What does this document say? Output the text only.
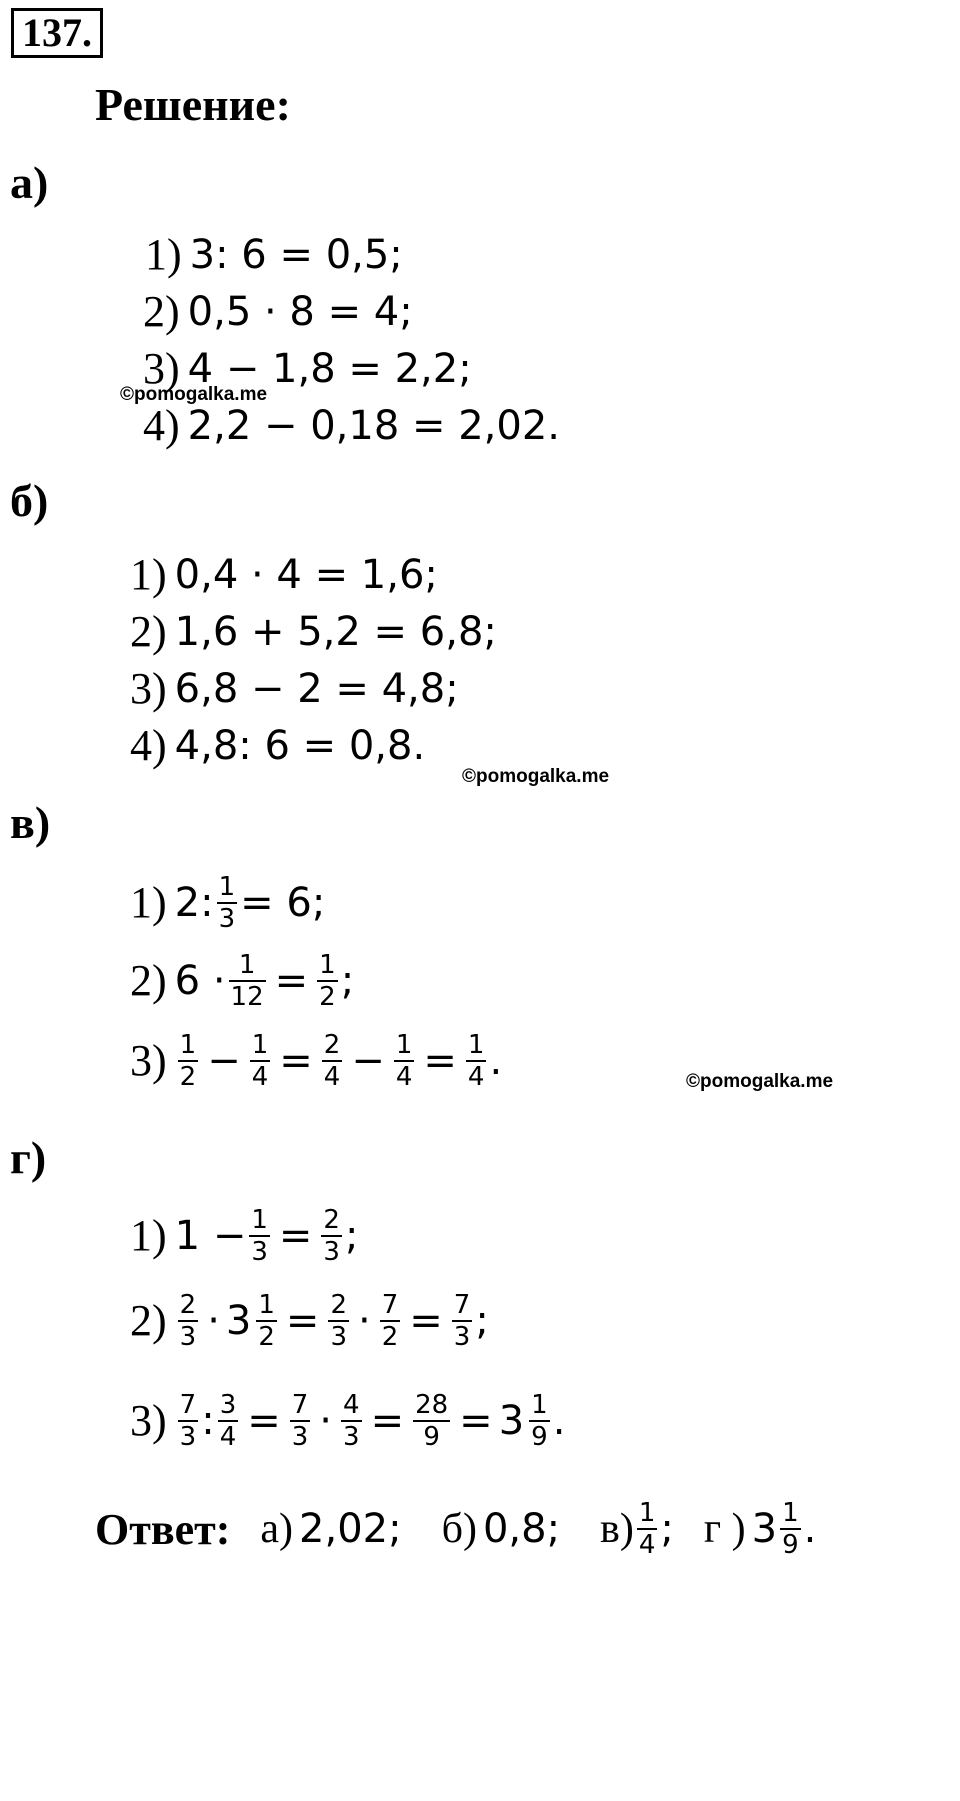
137.
Решение:
а)
1) 3: 6 = 0,5;
2) 0,5 · 8 = 4;
3) 4 − 1,8 = 2,2;
©pomogalka.me
4) 2,2 − 0,18 = 2,02.
б)
1) 0,4 · 4 = 1,6;
2) 1,6 + 5,2 = 6,8;
3) 6,8 − 2 = 4,8;
4) 4,8: 6 = 0,8.
©pomogalka.me
в)
1) 2: $\frac{1}{3} = 6$;
2) $6 \cdot \frac{1}{12} = \frac{1}{2}$ ;
$3) \frac{1}{2} - \frac{1}{4} = \frac{2}{4} - \frac{1}{4} = \frac{1}{4}$ .	©pomogalka.me
г)
1) $1 - \frac{1}{3} = \frac{2}{3}$ ;
$2) \frac{2}{3} \cdot 3 \frac{1}{2} = \frac{2}{3} \cdot \frac{7}{2} = \frac{7}{3}$ ;
$3) \frac{7}{3}$ : $\frac{3}{4} = \frac{7}{3} \cdot \frac{4}{3} = \frac{28}{9} = 3 \frac{1}{9}$ .
Ответ: а) 2,02; б) 0,8; $в) \frac{1}{4}$ ; г ) $3 \frac{1}{9}$ .
